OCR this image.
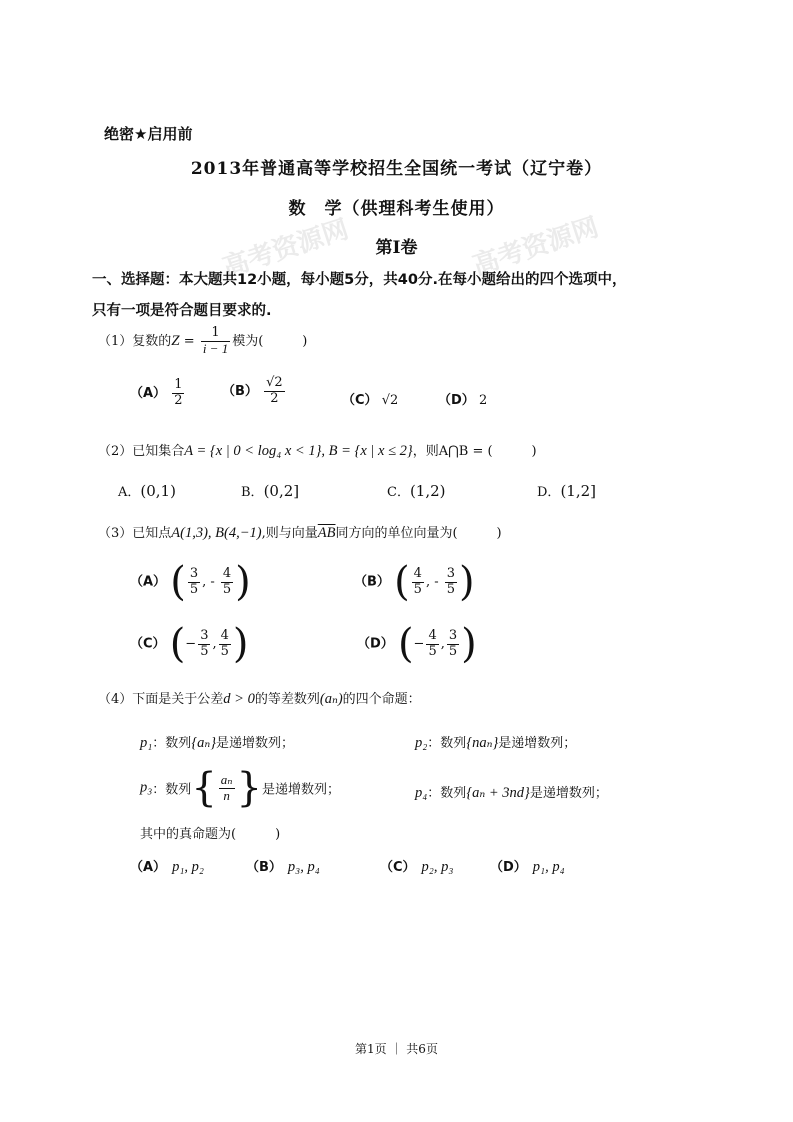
高考资源网	高考资源网
绝密★启用前
2013年普通高等学校招生全国统一考试（辽宁卷）
数　学（供理科考生使用）
第I卷
一、选择题：本大题共12小题，每小题5分，共40分.在每小题给出的四个选项中，
只有一项是符合题目要求的.
（1）复数的$Z = \frac{1}{i - 1}$ 模为(　　　)
$(A) \frac{1}{2}$	$(B) \frac{√2}{2}$	（C） √2	（D） 2
（2）已知集合A = {x | 0 < log₄ x < 1}, B = {x | x ≤ 2}，则A⋂B = (　　　)
A．(0,1)	B．(0,2]	C．(1,2)	D．(1,2]
（3）已知点A(1,3), B(4,−1),则与向量$\overline{AB}$同方向的单位向量为(　　　)
（A） ( $\frac{3}{5}$ , - $\frac{4}{5}$ )	（B） ( $\frac{4}{5}$ , - $\frac{3}{5}$ )
（C） (− $\frac{3}{5}$ , $\frac{4}{5}$ )	（D） (− $\frac{4}{5}$ , $\frac{3}{5}$ )
（4）下面是关于公差d > 0的等差数列(aₙ)的四个命题：
p₁：数列{aₙ}是递增数列；	p₂：数列{naₙ}是递增数列；
p₃：数列{ $\frac{\text{aₙ}}{n}$ }是递增数列；	p₄：数列{aₙ + 3nd}是递增数列；
其中的真命题为(　　　)
（A） p₁, p₂	（B） p₃, p₄	（C） p₂, p₃	（D） p₁, p₄
第1页 ｜ 共6页
